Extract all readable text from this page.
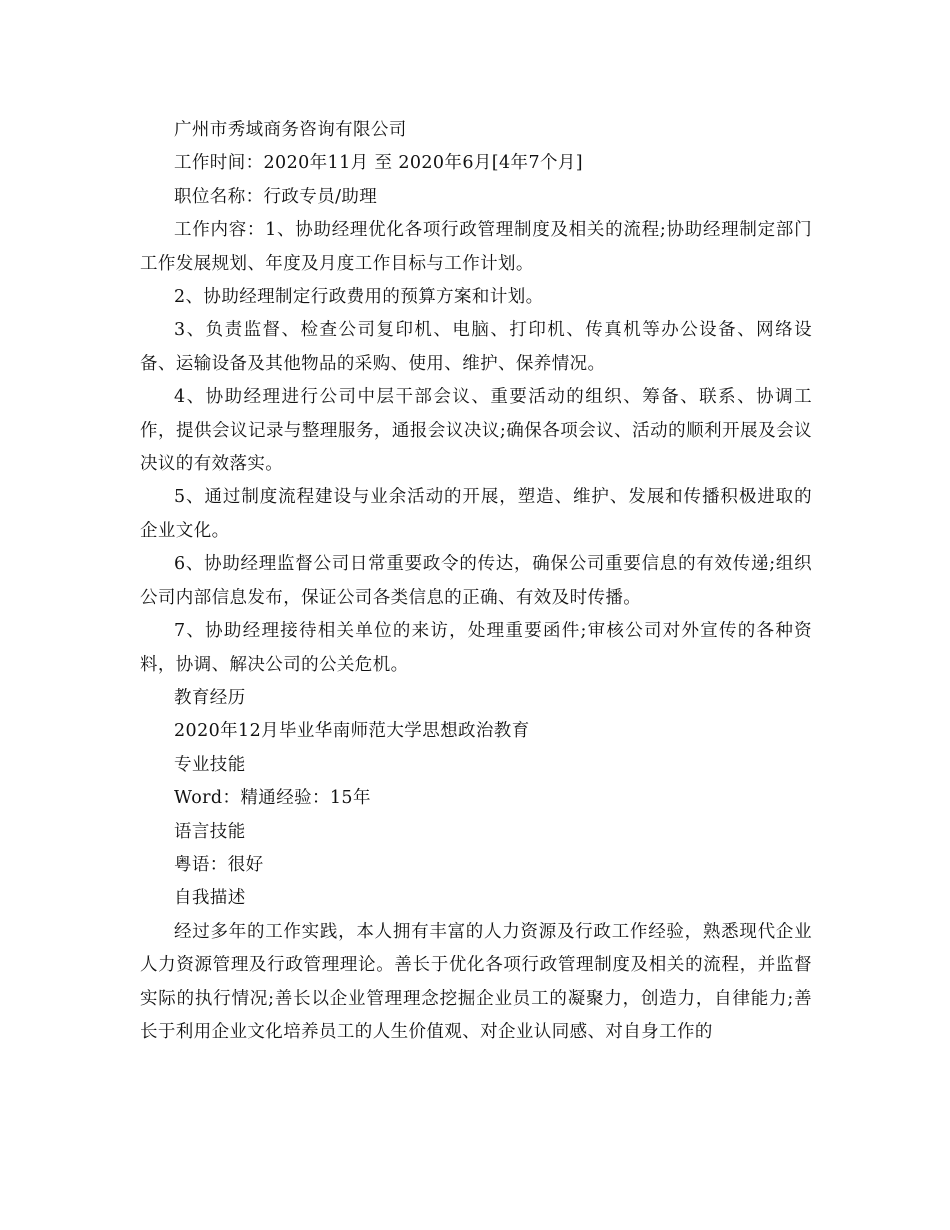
广州市秀域商务咨询有限公司

工作时间：2020年11月 至 2020年6月[4年7个月]

职位名称：行政专员/助理

工作内容：1、协助经理优化各项行政管理制度及相关的流程;协助经理制定部门工作发展规划、年度及月度工作目标与工作计划。

2、协助经理制定行政费用的预算方案和计划。

3、负责监督、检查公司复印机、电脑、打印机、传真机等办公设备、网络设备、运输设备及其他物品的采购、使用、维护、保养情况。

4、协助经理进行公司中层干部会议、重要活动的组织、筹备、联系、协调工作，提供会议记录与整理服务，通报会议决议;确保各项会议、活动的顺利开展及会议决议的有效落实。

5、通过制度流程建设与业余活动的开展，塑造、维护、发展和传播积极进取的企业文化。

6、协助经理监督公司日常重要政令的传达，确保公司重要信息的有效传递;组织公司内部信息发布，保证公司各类信息的正确、有效及时传播。

7、协助经理接待相关单位的来访，处理重要函件;审核公司对外宣传的各种资料，协调、解决公司的公关危机。

教育经历

2020年12月毕业华南师范大学思想政治教育

专业技能

Word：精通经验：15年

语言技能

粤语：很好

自我描述

经过多年的工作实践，本人拥有丰富的人力资源及行政工作经验，熟悉现代企业人力资源管理及行政管理理论。善长于优化各项行政管理制度及相关的流程，并监督实际的执行情况;善长以企业管理理念挖掘企业员工的凝聚力，创造力，自律能力;善长于利用企业文化培养员工的人生价值观、对企业认同感、对自身工作的
